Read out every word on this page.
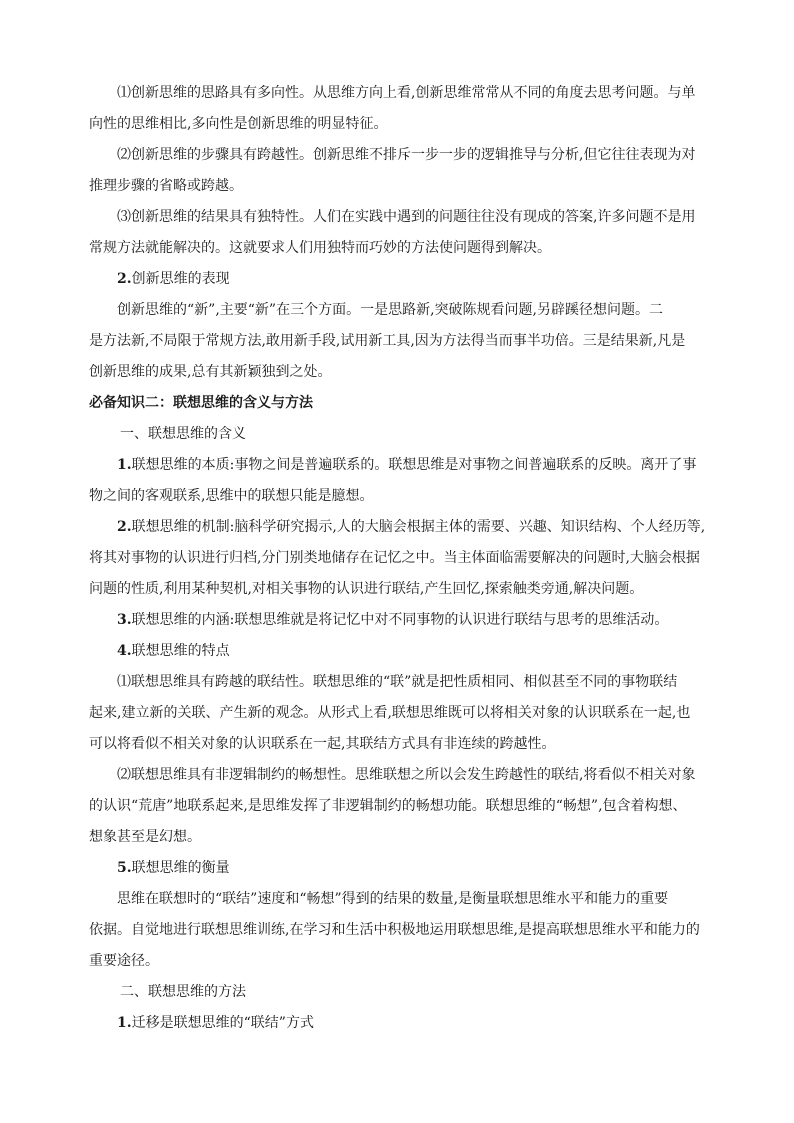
⑴创新思维的思路具有多向性。从思维方向上看,创新思维常常从不同的角度去思考问题。与单
向性的思维相比,多向性是创新思维的明显特征。
⑵创新思维的步骤具有跨越性。创新思维不排斥一步一步的逻辑推导与分析,但它往往表现为对
推理步骤的省略或跨越。
⑶创新思维的结果具有独特性。人们在实践中遇到的问题往往没有现成的答案,许多问题不是用
常规方法就能解决的。这就要求人们用独特而巧妙的方法使问题得到解决。
2.创新思维的表现
创新思维的“新”,主要“新”在三个方面。一是思路新,突破陈规看问题,另辟蹊径想问题。二
是方法新,不局限于常规方法,敢用新手段,试用新工具,因为方法得当而事半功倍。三是结果新,凡是
创新思维的成果,总有其新颖独到之处。
必备知识二：联想思维的含义与方法
一、联想思维的含义
1.联想思维的本质:事物之间是普遍联系的。联想思维是对事物之间普遍联系的反映。离开了事
物之间的客观联系,思维中的联想只能是臆想。
2.联想思维的机制:脑科学研究揭示,人的大脑会根据主体的需要、兴趣、知识结构、个人经历等,
将其对事物的认识进行归档,分门别类地储存在记忆之中。当主体面临需要解决的问题时,大脑会根据
问题的性质,利用某种契机,对相关事物的认识进行联结,产生回忆,探索触类旁通,解决问题。
3.联想思维的内涵:联想思维就是将记忆中对不同事物的认识进行联结与思考的思维活动。
4.联想思维的特点
⑴联想思维具有跨越的联结性。联想思维的“联”就是把性质相同、相似甚至不同的事物联结
起来,建立新的关联、产生新的观念。从形式上看,联想思维既可以将相关对象的认识联系在一起,也
可以将看似不相关对象的认识联系在一起,其联结方式具有非连续的跨越性。
⑵联想思维具有非逻辑制约的畅想性。思维联想之所以会发生跨越性的联结,将看似不相关对象
的认识“荒唐”地联系起来,是思维发挥了非逻辑制约的畅想功能。联想思维的“畅想”,包含着构想、
想象甚至是幻想。
5.联想思维的衡量
思维在联想时的“联结”速度和“畅想”得到的结果的数量,是衡量联想思维水平和能力的重要
依据。自觉地进行联想思维训练,在学习和生活中积极地运用联想思维,是提高联想思维水平和能力的
重要途径。
二、联想思维的方法
1.迁移是联想思维的“联结”方式
